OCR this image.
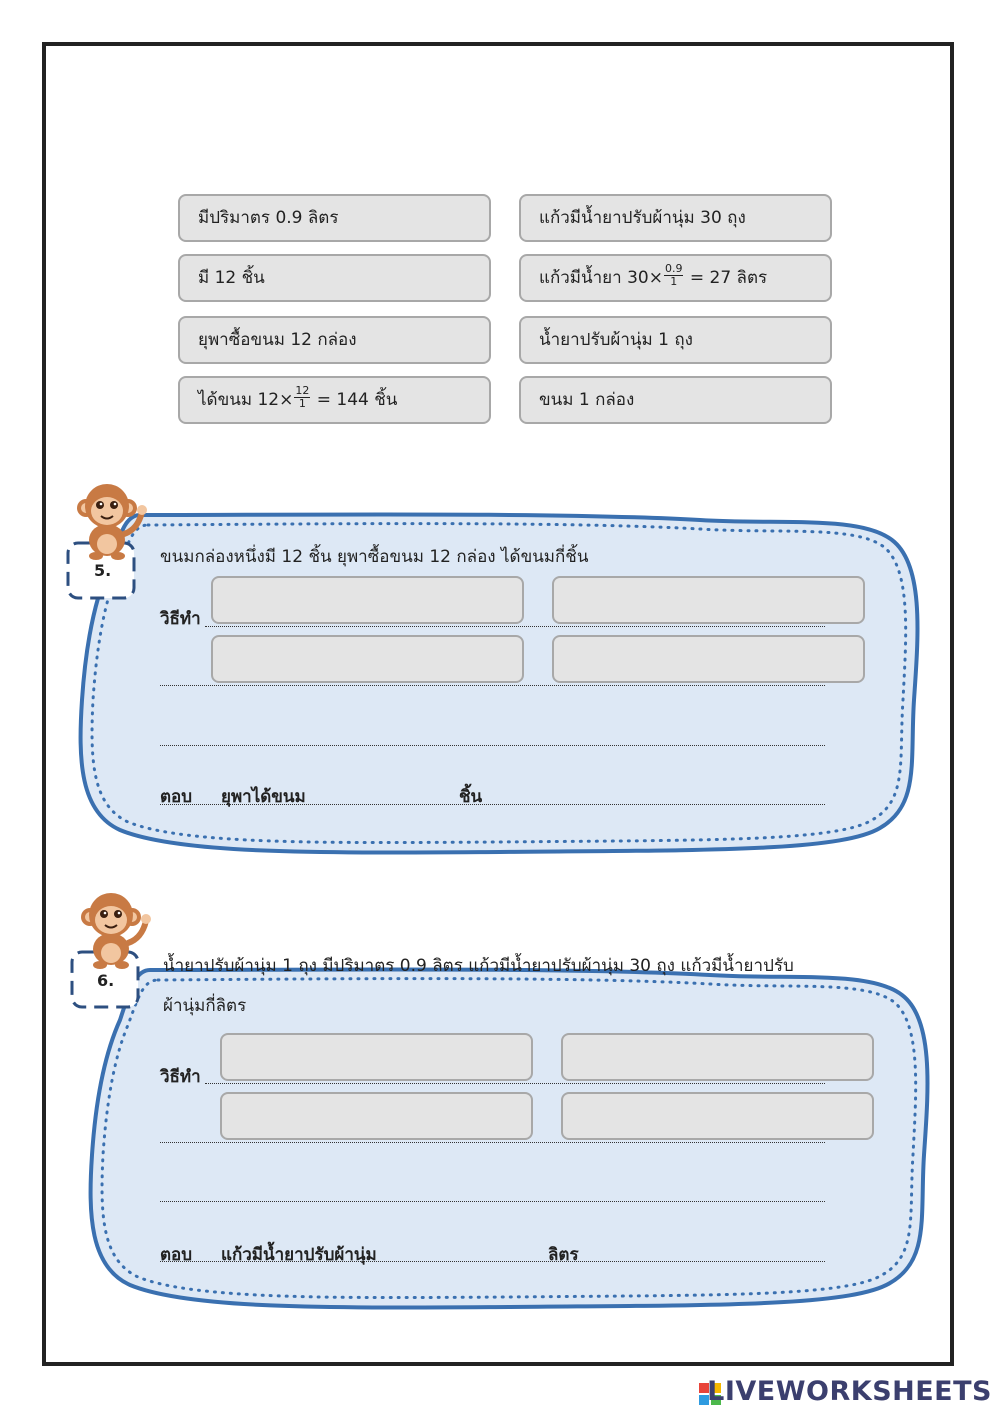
มีปริมาตร 0.9 ลิตร
มี 12 ชิ้น
ยุพาซื้อขนม 12 กล่อง
ได้ขนม $12\times \frac{12}{1} = 144$ ชิ้น
แก้วมีน้ำยาปรับผ้านุ่ม 30 ถุง
แก้วมีน้ำยา $30\times \frac{0.9}{1} = 27$ ลิตร
น้ำยาปรับผ้านุ่ม 1 ถุง
ขนม 1 กล่อง
5.
ขนมกล่องหนึ่งมี 12 ชิ้น ยุพาซื้อขนม 12 กล่อง ได้ขนมกี่ชิ้น
วิธีทำ
ตอบ ยุพาได้ขนม	ชิ้น
6.
น้ำยาปรับผ้านุ่ม 1 ถุง มีปริมาตร 0.9 ลิตร แก้วมีน้ำยาปรับผ้านุ่ม 30 ถุง แก้วมีน้ำยาปรับ
ผ้านุ่มกี่ลิตร
วิธีทำ
ตอบ แก้วมีน้ำยาปรับผ้านุ่ม	ลิตร
LIVEWORKSHEETS
